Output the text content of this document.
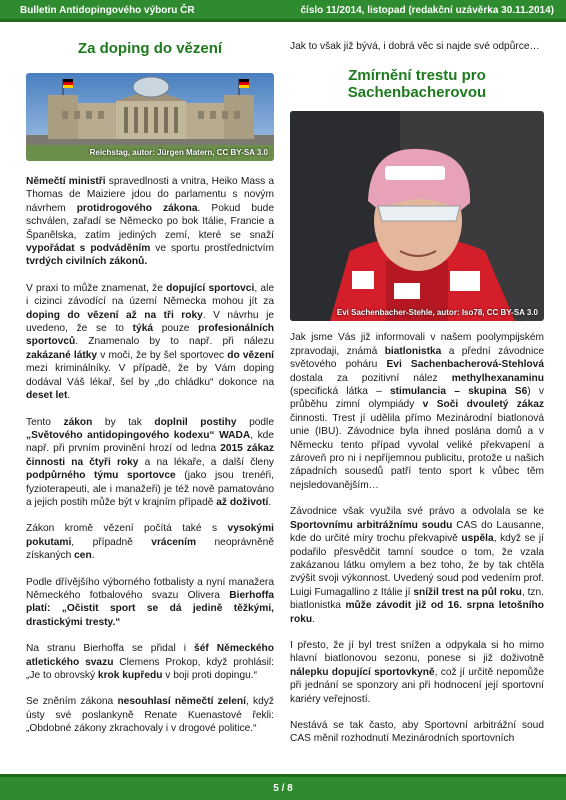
Bulletin Antidopingového výboru ČR	číslo 11/2014, listopad (redakční uzávěrka 30.11.2014)
Za doping do vězení
Reichstag, autor: Jürgen Matern, CC BY-SA 3.0

Němečtí ministři spravedlnosti a vnitra, Heiko Mass a Thomas de Maiziere jdou do parlamentu s novým návrhem protidrogového zákona. Pokud bude schválen, zařadí se Německo po bok Itálie, Francie a Španělska, zatím jediných zemí, které se snaží vypořádat s podváděním ve sportu prostřednictvím tvrdých civilních zákonů.

V praxi to může znamenat, že dopující sportovci, ale i cizinci závodící na území Německa mohou jít za doping do vězení až na tři roky. V návrhu je uvedeno, že se to týká pouze profesionálních sportovců. Znamenalo by to např. při nálezu zakázané látky v moči, že by šel sportovec do vězení mezi kriminálníky. V případě, že by Vám doping dodával Váš lékař, šel by „do chládku“ dokonce na deset let.

Tento zákon by tak doplnil postihy podle „Světového antidopingového kodexu“ WADA, kde např. při prvním provinění hrozí od ledna 2015 zákaz činnosti na čtyři roky a na lékaře, a další členy podpůrného týmu sportovce (jako jsou trenéři, fyzioterapeuti, ale i manažeři) je též nově pamatováno a jejich postih může být v krajním případě až doživotí.

Zákon kromě vězení počítá také s vysokými pokutami, případně vrácením neoprávněně získaných cen.

Podle dřívějšího výborného fotbalisty a nyní manažera Německého fotbalového svazu Olivera Bierhoffa platí: „Očistit sport se dá jedině těžkými, drastickými tresty.“

Na stranu Bierhoffa se přidal i šéf Německého atletického svazu Clemens Prokop, když prohlásil: „Je to obrovský krok kupředu v boji proti dopingu.“

Se zněním zákona nesouhlasí němečtí zelení, když ústy své poslankyně Renate Kuenastové řekli: „Obdobné zákony zkrachovaly i v drogové politice.“

Jak to však již bývá, i dobrá věc si najde své odpůrce…

Zmírnění trestu pro Sachenbacherovou
Evi Sachenbacher-Stehle, autor: Iso78, CC BY-SA 3.0

Jak jsme Vás již informovali v našem poolympijském zpravodaji, známá biatlonistka a přední závodnice světového poháru Evi Sachenbacherová-Stehlová dostala za pozitivní nález methylhexanaminu (specifická látka – stimulancia – skupina S6) v průběhu zimní olympiády v Soči dvouletý zákaz činnosti. Trest jí udělila přímo Mezinárodní biatlonová unie (IBU). Závodnice byla ihned poslána domů a v Německu tento případ vyvolal veliké překvapení a zároveň pro ni i nepříjemnou publicitu, protože u našich západních sousedů patří tento sport k vůbec těm nejsledovanějším…

Závodnice však využila své právo a odvolala se ke Sportovnímu arbitrážnímu soudu CAS do Lausanne, kde do určité míry trochu překvapivě uspěla, když se jí podařilo přesvědčit tamní soudce o tom, že vzala zakázanou látku omylem a bez toho, že by tak chtěla zvýšit svoji výkonnost. Uvedený soud pod vedením prof. Luigi Fumagallino z Itálie jí snížil trest na půl roku, tzn. biatlonistka může závodit již od 16. srpna letošního roku.

I přesto, že jí byl trest snížen a odpykala si ho mimo hlavní biatlonovou sezonu, ponese si již doživotně nálepku dopující sportovkyně, což jí určitě nepomůže při jednání se sponzory ani při hodnocení její sportovní kariéry veřejností.

Nestává se tak často, aby Sportovní arbitrážní soud CAS měnil rozhodnutí Mezinárodních sportovních

5 / 8
